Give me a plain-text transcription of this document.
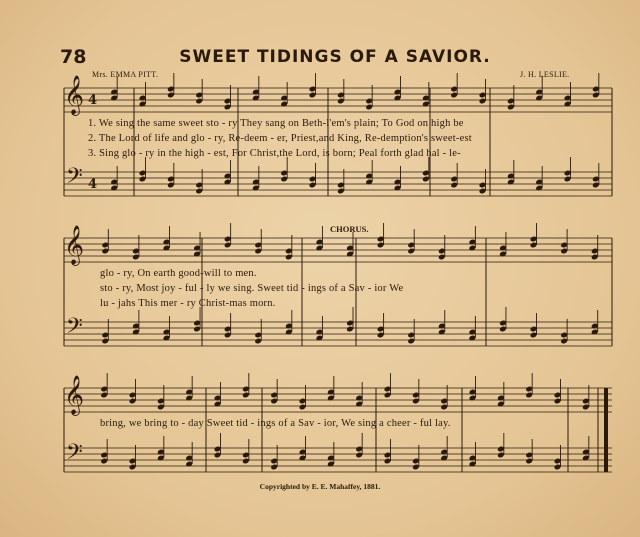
78	SWEET TIDINGS OF A SAVIOR.
Mrs. EMMA PITT.	J. H. LESLIE.
𝄞
𝄢
4
4
𝄞
𝄢
𝄞
𝄢
1. We sing the same sweet sto - ry They sang on Beth-l'em's plain; To God on high be
2. The Lord of life and glo - ry, Re-deem - er, Priest,and King, Re-demption's sweet-est
3. Sing glo - ry in the high - est, For Christ,the Lord, is born; Peal forth glad hal - le-
CHORUS.
glo - ry, On earth good-will to men.
sto - ry, Most joy - ful - ly we sing. Sweet tid - ings of a Sav - ior We
lu - jahs This mer - ry Christ-mas morn.
bring, we bring to - day Sweet tid - ings of a Sav - ior, We sing a cheer - ful lay.
Copyrighted by E. E. Mahaffey, 1881.
